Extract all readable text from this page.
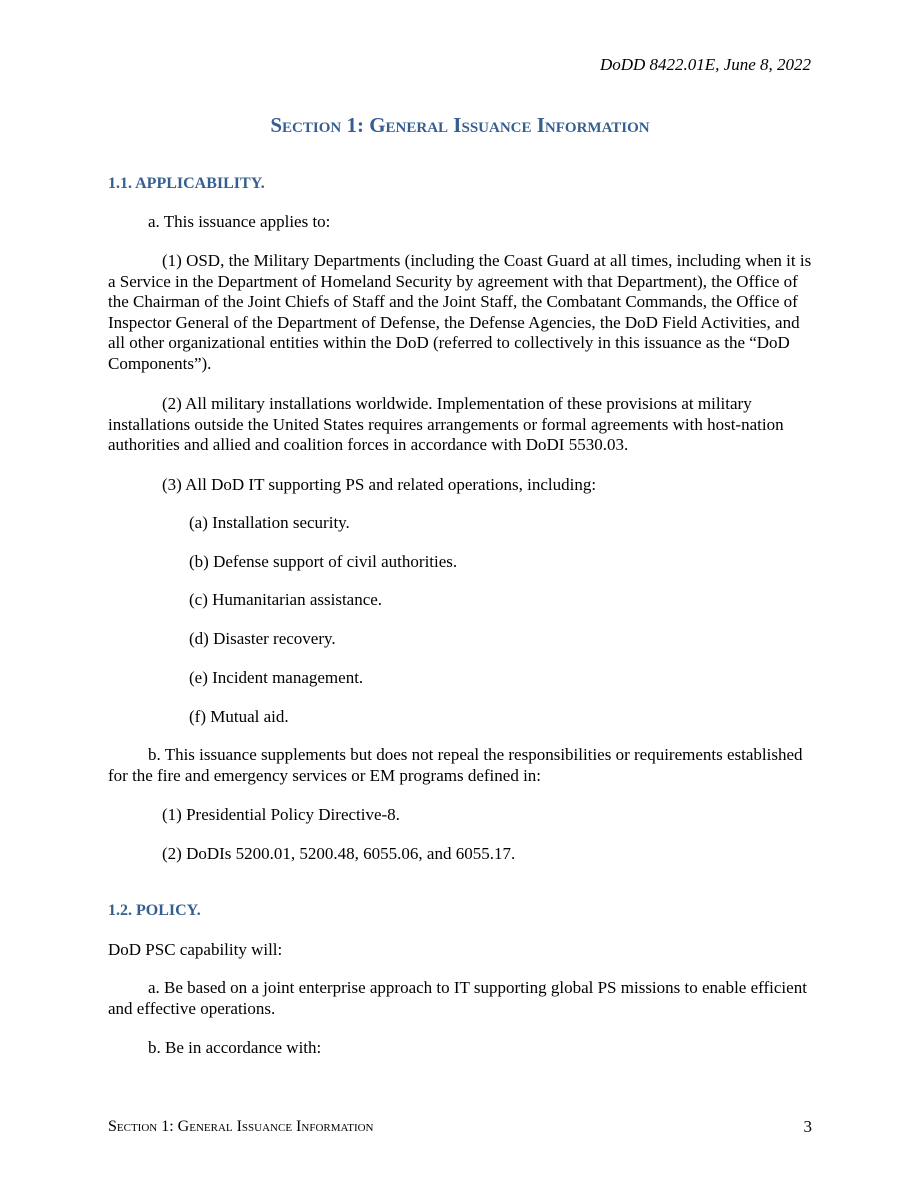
DoDD 8422.01E, June 8, 2022

Section 1: General Issuance Information
1.1. APPLICABILITY.

a. This issuance applies to:

(1) OSD, the Military Departments (including the Coast Guard at all times, including when it is a Service in the Department of Homeland Security by agreement with that Department), the Office of the Chairman of the Joint Chiefs of Staff and the Joint Staff, the Combatant Commands, the Office of Inspector General of the Department of Defense, the Defense Agencies, the DoD Field Activities, and all other organizational entities within the DoD (referred to collectively in this issuance as the “DoD Components”).

(2) All military installations worldwide. Implementation of these provisions at military installations outside the United States requires arrangements or formal agreements with host-nation authorities and allied and coalition forces in accordance with DoDI 5530.03.

(3) All DoD IT supporting PS and related operations, including:

(a) Installation security.

(b) Defense support of civil authorities.

(c) Humanitarian assistance.

(d) Disaster recovery.

(e) Incident management.

(f) Mutual aid.

b. This issuance supplements but does not repeal the responsibilities or requirements established for the fire and emergency services or EM programs defined in:

(1) Presidential Policy Directive-8.

(2) DoDIs 5200.01, 5200.48, 6055.06, and 6055.17.

1.2. POLICY.

DoD PSC capability will:

a. Be based on a joint enterprise approach to IT supporting global PS missions to enable efficient and effective operations.

b. Be in accordance with:

Section 1: General Issuance Information	3
